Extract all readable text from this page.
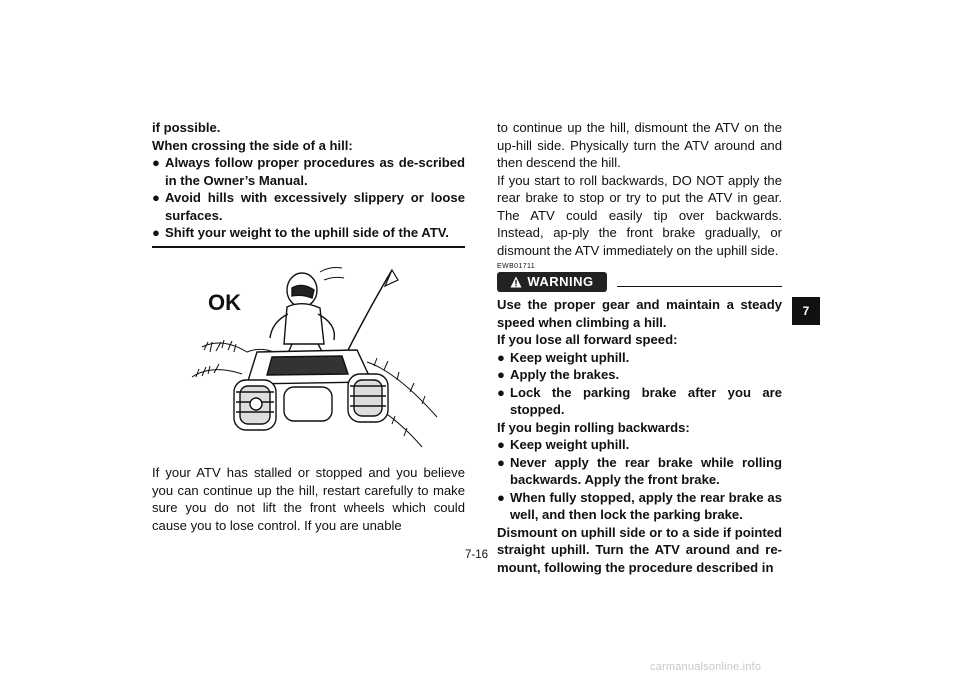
if possible.
When crossing the side of a hill:
● Always follow proper procedures as de-scribed in the Owner’s Manual.
● Avoid hills with excessively slippery or loose surfaces.
● Shift your weight to the uphill side of the ATV.
OK
If your ATV has stalled or stopped and you believe you can continue up the hill, restart carefully to make sure you do not lift the front wheels which could cause you to lose control. If you are unable
to continue up the hill, dismount the ATV on the up-hill side. Physically turn the ATV around and then descend the hill.
If you start to roll backwards, DO NOT apply the rear brake to stop or try to put the ATV in gear. The ATV could easily tip over backwards. Instead, ap-ply the front brake gradually, or dismount the ATV immediately on the uphill side.
EWB01711
WARNING
Use the proper gear and maintain a steady speed when climbing a hill.
If you lose all forward speed:
● Keep weight uphill.
● Apply the brakes.
● Lock the parking brake after you are stopped.
If you begin rolling backwards:
● Keep weight uphill.
● Never apply the rear brake while rolling backwards. Apply the front brake.
● When fully stopped, apply the rear brake as well, and then lock the parking brake.
Dismount on uphill side or to a side if pointed straight uphill. Turn the ATV around and re-mount, following the procedure described in
7
7-16
carmanualsonline.info
